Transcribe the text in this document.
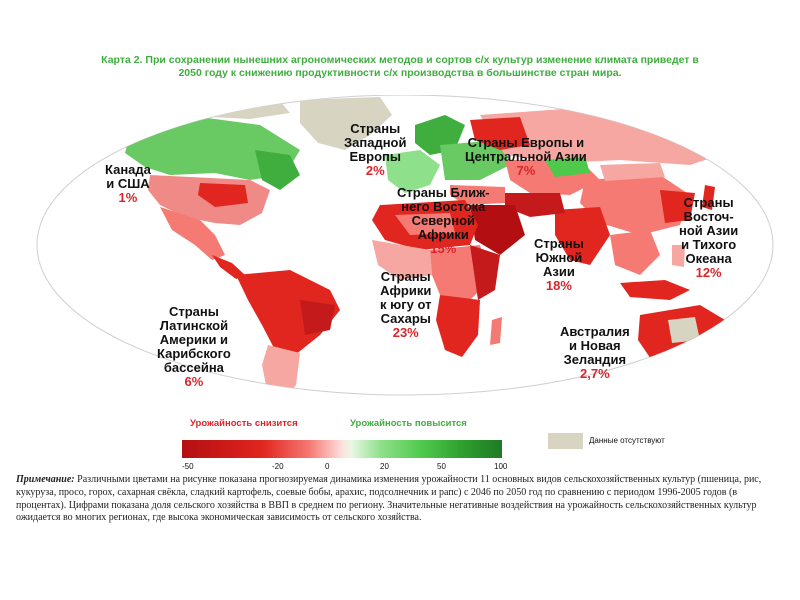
Карта 2. При сохранении нынешних агрономических методов и сортов с/х культур изменение климата приведет в
2050 году к снижению продуктивности с/х производства в большинстве стран мира.
Канада
и США
1%
Страны
Западной
Европы
2%
Страны Европы и
Центральной Азии
7%
Страны Ближ-
него Востока
Северной
Африки
15%	Страны
Южной
Азии
18%
Страны
Восточ-
ной Азии
и Тихого
Океана
12%
Страны
Африки
к югу от
Сахары
23%
Страны
Латинской
Америки и
Карибского
бассейна
6%
Австралия
и Новая
Зеландия
2,7%
Урожайность снизится	Урожайность повысится
-50	-20	0	20	50	100
Данные отсутствуют
Примечание: Различными цветами на рисунке показана прогнозируемая динамика изменения урожайности 11 основных видов сельскохозяйственных культур (пшеница, рис, кукуруза, просо, горох, сахарная свёкла, сладкий картофель, соевые бобы, арахис, подсолнечник и рапс) с 2046 по 2050 год по сравнению с периодом 1996-2005 годов (в процентах). Цифрами показана доля сельского хозяйства в ВВП в среднем по региону. Значительные негативные воздействия на урожайность сельскохозяйственных культур ожидается во многих регионах, где высока экономическая зависимость от сельского хозяйства.
